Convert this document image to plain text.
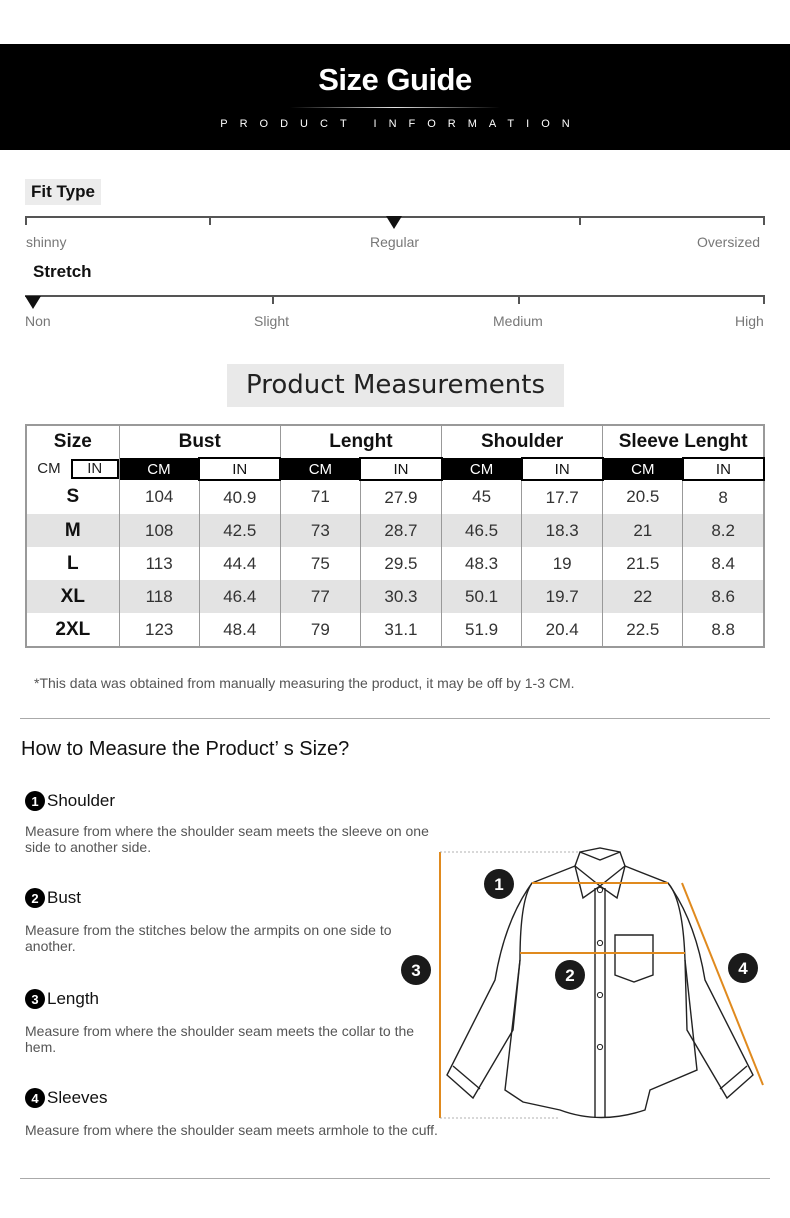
Size Guide
PRODUCT INFORMATION
Fit Type
shinny	Regular	Oversized
Stretch
Non	Slight	Medium	High
Product Measurements
Size	Bust		Lenght		Shoulder		Sleeve Lenght	

CM IN	CM	IN	CM	IN	CM	IN	CM	IN
S	104	40.9	71	27.9	45	17.7	20.5	8
M	108	42.5	73	28.7	46.5	18.3	21	8.2
L	113	44.4	75	29.5	48.3	19	21.5	8.4
XL	118	46.4	77	30.3	50.1	19.7	22	8.6
2XL	123	48.4	79	31.1	51.9	20.4	22.5	8.8
*This data was obtained from manually measuring the product, it may be off by 1-3 CM.
How to Measure the Product’ s Size?
1 Shoulder
Measure from where the shoulder seam meets the sleeve on one side to another side.
2 Bust
Measure from the stitches below the armpits on one side to another.
3 Length
Measure from where the shoulder seam meets the collar to the hem.
4 Sleeves
Measure from where the shoulder seam meets armhole to the cuff.
1
2
3	4
